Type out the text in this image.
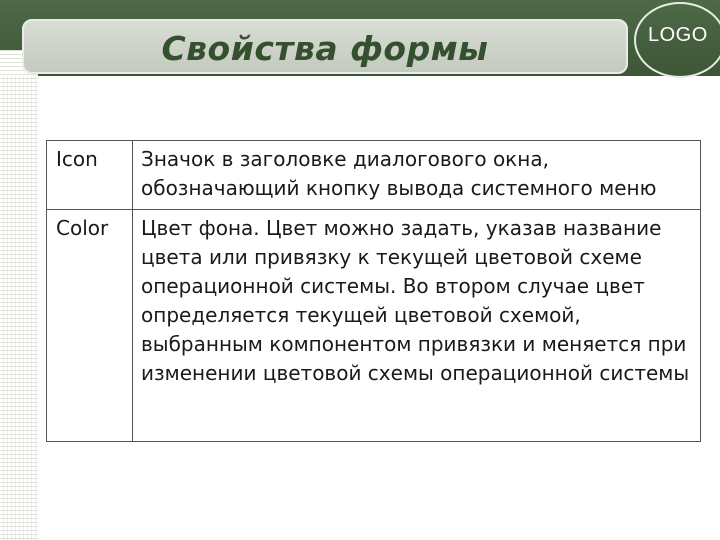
Свойства формы	LOGO
Icon	Значок в заголовке диалогового окна, обозначающий кнопку вывода системного меню
Color	Цвет фона. Цвет можно задать, указав название цвета или привязку к текущей цветовой схеме операционной системы. Во втором случае цвет определяется текущей цветовой схемой, выбранным компонентом привязки и меняется при изменении цветовой схемы операционной системы
